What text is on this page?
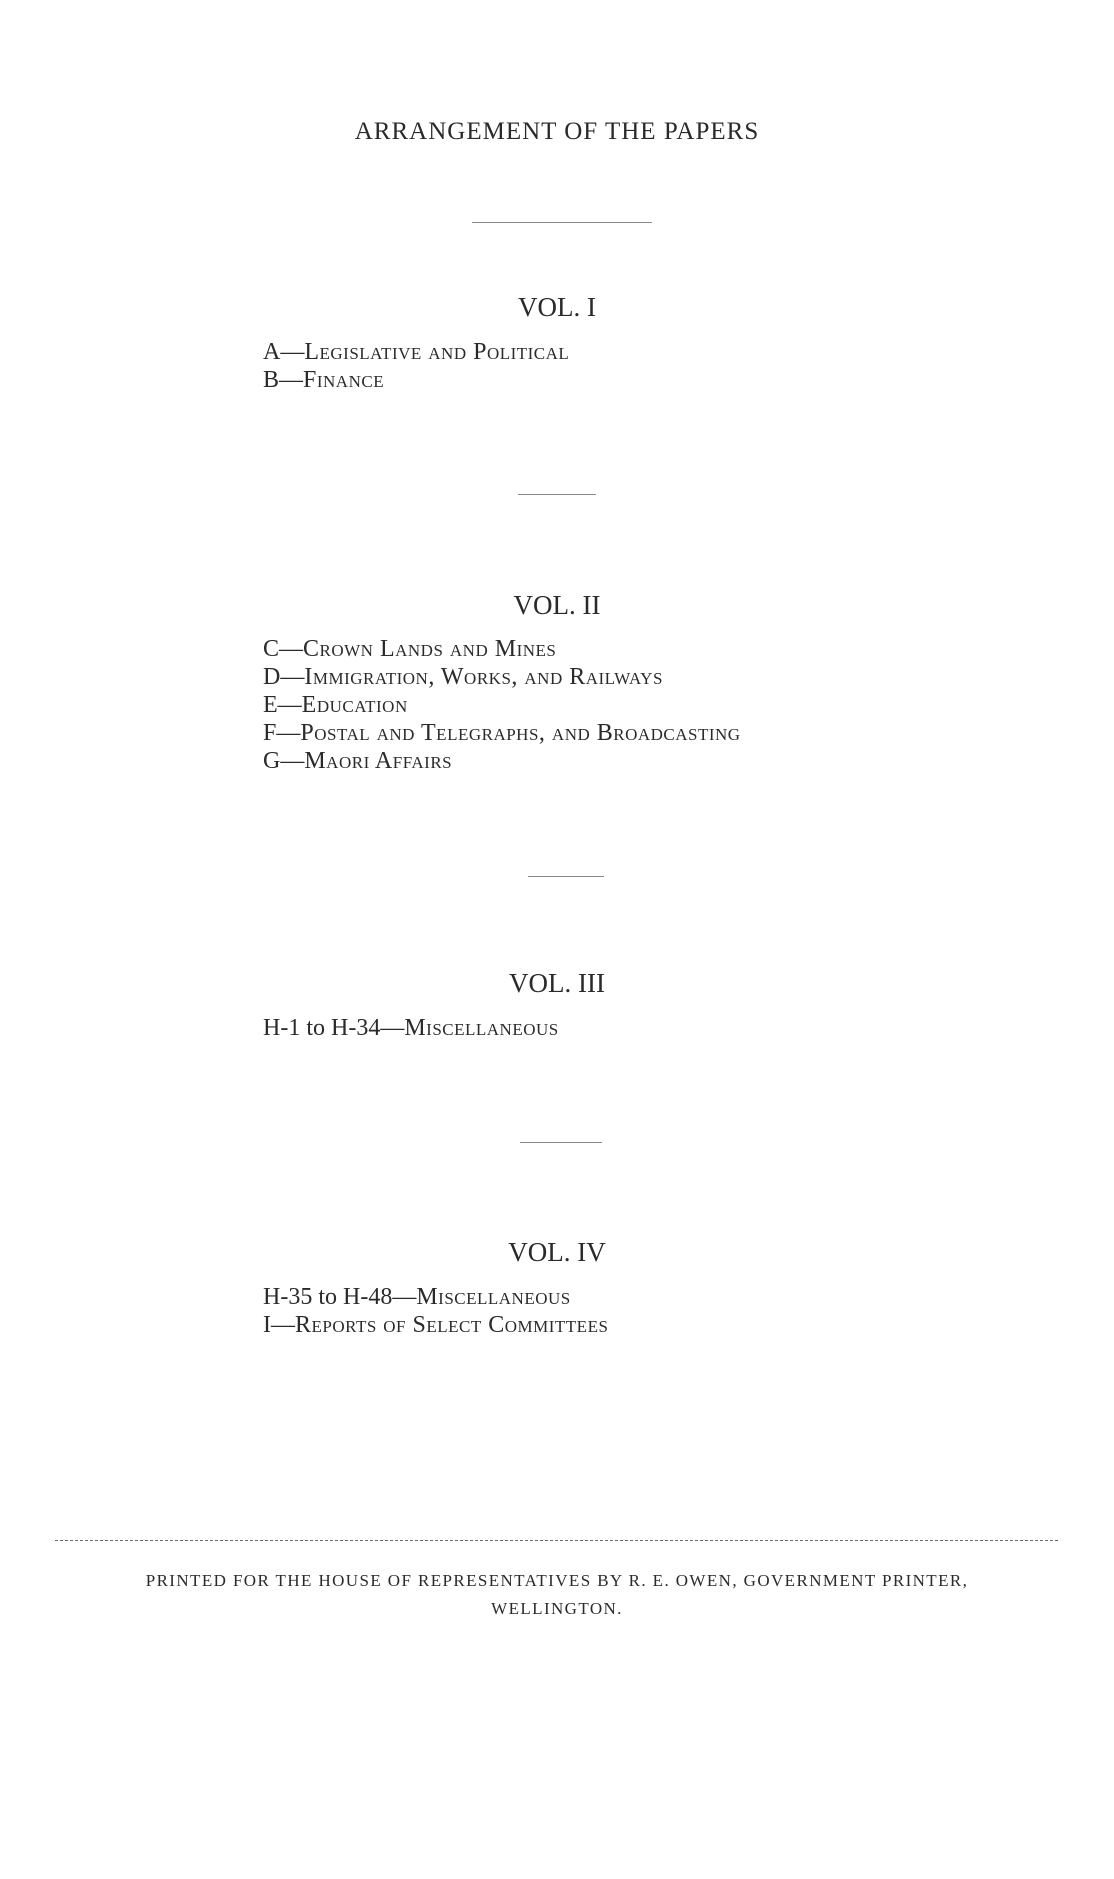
ARRANGEMENT OF THE PAPERS
VOL. I
A—Legislative and Political
B—Finance
VOL. II
C—Crown Lands and Mines
D—Immigration, Works, and Railways
E—Education
F—Postal and Telegraphs, and Broadcasting
G—Maori Affairs
VOL. III
H-1 to H-34—Miscellaneous
VOL. IV
H-35 to H-48—Miscellaneous
I—Reports of Select Committees
PRINTED FOR THE HOUSE OF REPRESENTATIVES BY R. E. OWEN, GOVERNMENT PRINTER,
WELLINGTON.
